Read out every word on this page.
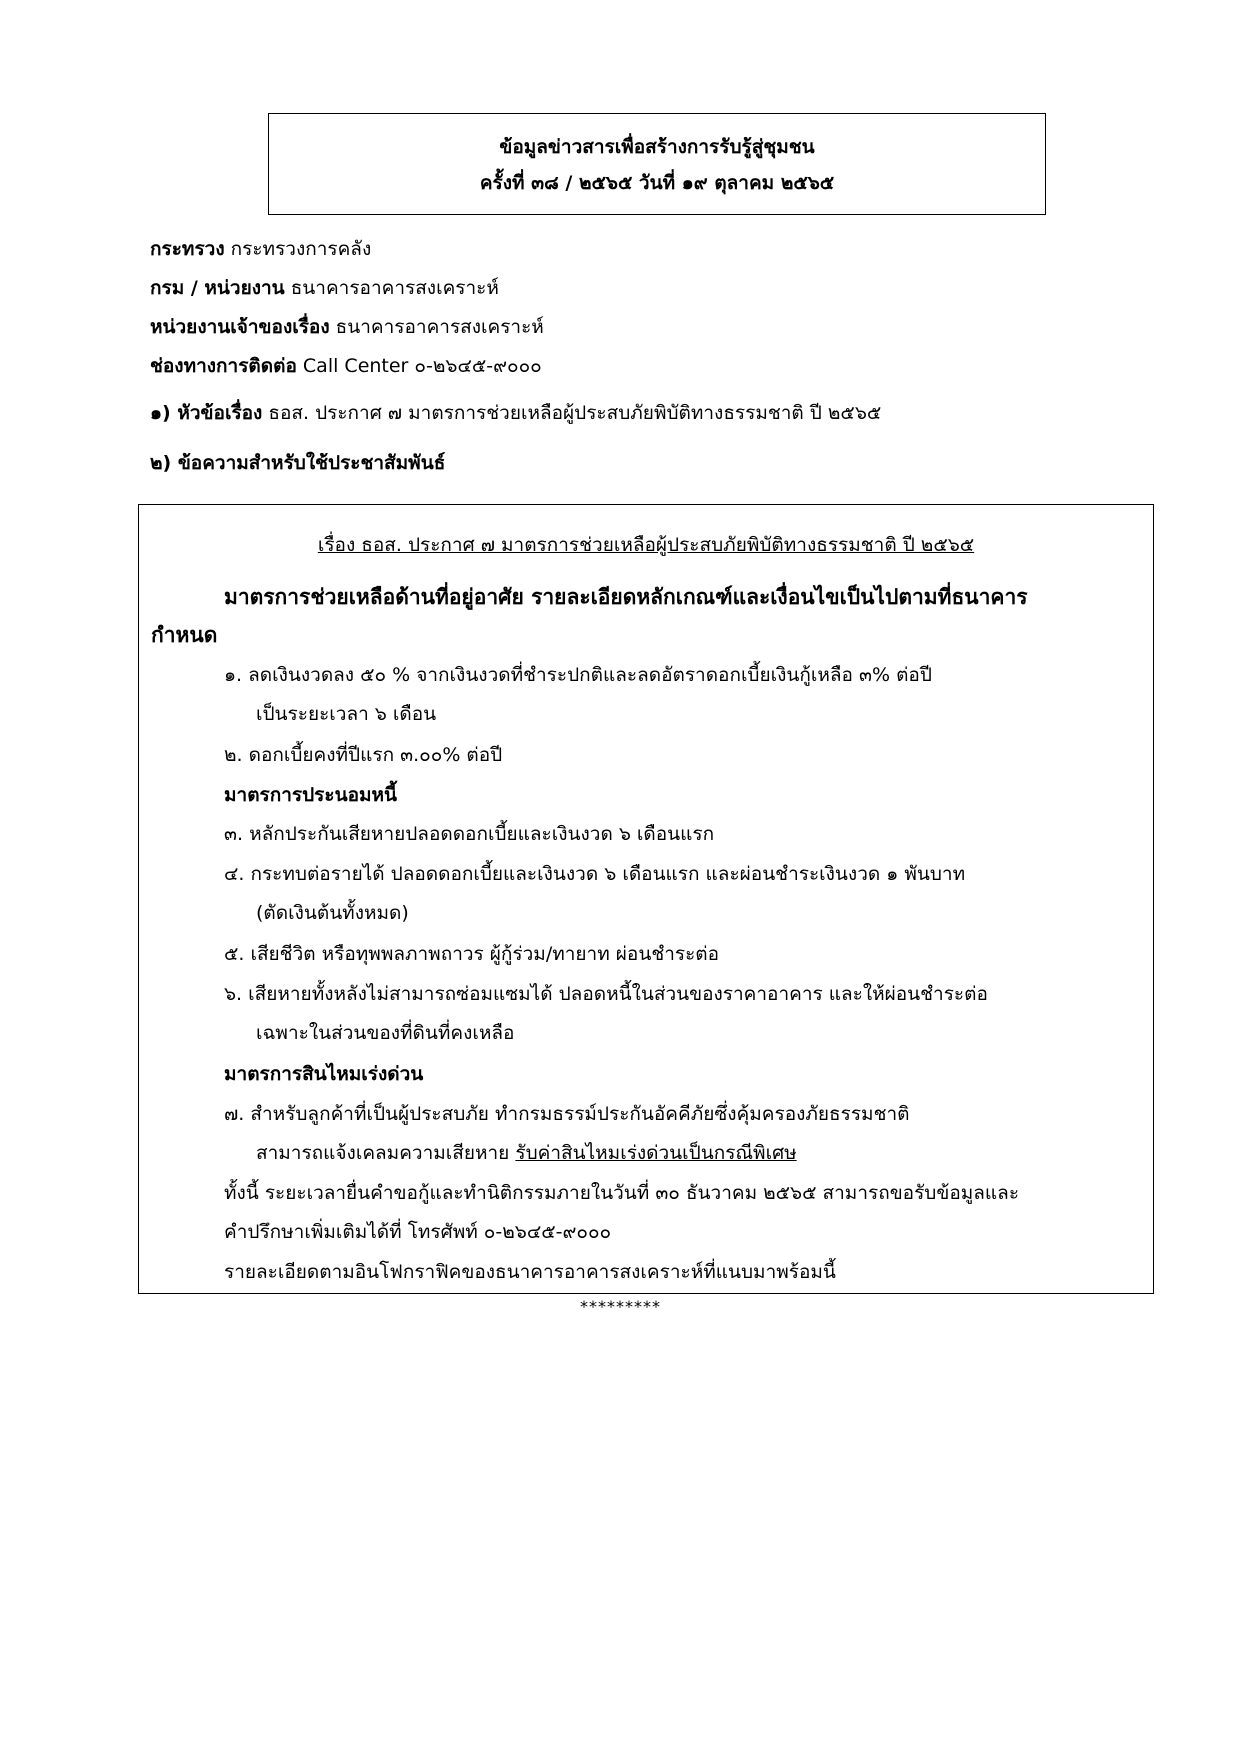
ข้อมูลข่าวสารเพื่อสร้างการรับรู้สู่ชุมชน
ครั้งที่ ๓๘ / ๒๕๖๕ วันที่ ๑๙ ตุลาคม ๒๕๖๕
กระทรวง กระทรวงการคลัง
กรม / หน่วยงาน ธนาคารอาคารสงเคราะห์
หน่วยงานเจ้าของเรื่อง ธนาคารอาคารสงเคราะห์
ช่องทางการติดต่อ Call Center ๐-๒๖๔๕-๙๐๐๐
๑) หัวข้อเรื่อง ธอส. ประกาศ ๗ มาตรการช่วยเหลือผู้ประสบภัยพิบัติทางธรรมชาติ ปี ๒๕๖๕
๒) ข้อความสำหรับใช้ประชาสัมพันธ์
เรื่อง ธอส. ประกาศ ๗ มาตรการช่วยเหลือผู้ประสบภัยพิบัติทางธรรมชาติ ปี ๒๕๖๕
มาตรการช่วยเหลือด้านที่อยู่อาศัย รายละเอียดหลักเกณฑ์และเงื่อนไขเป็นไปตามที่ธนาคาร
กำหนด
๑. ลดเงินงวดลง ๕๐ % จากเงินงวดที่ชำระปกติและลดอัตราดอกเบี้ยเงินกู้เหลือ ๓% ต่อปี
เป็นระยะเวลา ๖ เดือน
๒. ดอกเบี้ยคงที่ปีแรก ๓.๐๐% ต่อปี
มาตรการประนอมหนี้
๓. หลักประกันเสียหายปลอดดอกเบี้ยและเงินงวด ๖ เดือนแรก
๔. กระทบต่อรายได้ ปลอดดอกเบี้ยและเงินงวด ๖ เดือนแรก และผ่อนชำระเงินงวด ๑ พันบาท
(ตัดเงินต้นทั้งหมด)
๕. เสียชีวิต หรือทุพพลภาพถาวร ผู้กู้ร่วม/ทายาท ผ่อนชำระต่อ
๖. เสียหายทั้งหลังไม่สามารถซ่อมแซมได้ ปลอดหนี้ในส่วนของราคาอาคาร และให้ผ่อนชำระต่อ
เฉพาะในส่วนของที่ดินที่คงเหลือ
มาตรการสินไหมเร่งด่วน
๗. สำหรับลูกค้าที่เป็นผู้ประสบภัย ทำกรมธรรม์ประกันอัคคีภัยซึ่งคุ้มครองภัยธรรมชาติ
สามารถแจ้งเคลมความเสียหาย รับค่าสินไหมเร่งด่วนเป็นกรณีพิเศษ
ทั้งนี้ ระยะเวลายื่นคำขอกู้และทำนิติกรรมภายในวันที่ ๓๐ ธันวาคม ๒๕๖๕ สามารถขอรับข้อมูลและ
คำปรึกษาเพิ่มเติมได้ที่ โทรศัพท์ ๐-๒๖๔๕-๙๐๐๐
รายละเอียดตามอินโฟกราฟิคของธนาคารอาคารสงเคราะห์ที่แนบมาพร้อมนี้
*********
